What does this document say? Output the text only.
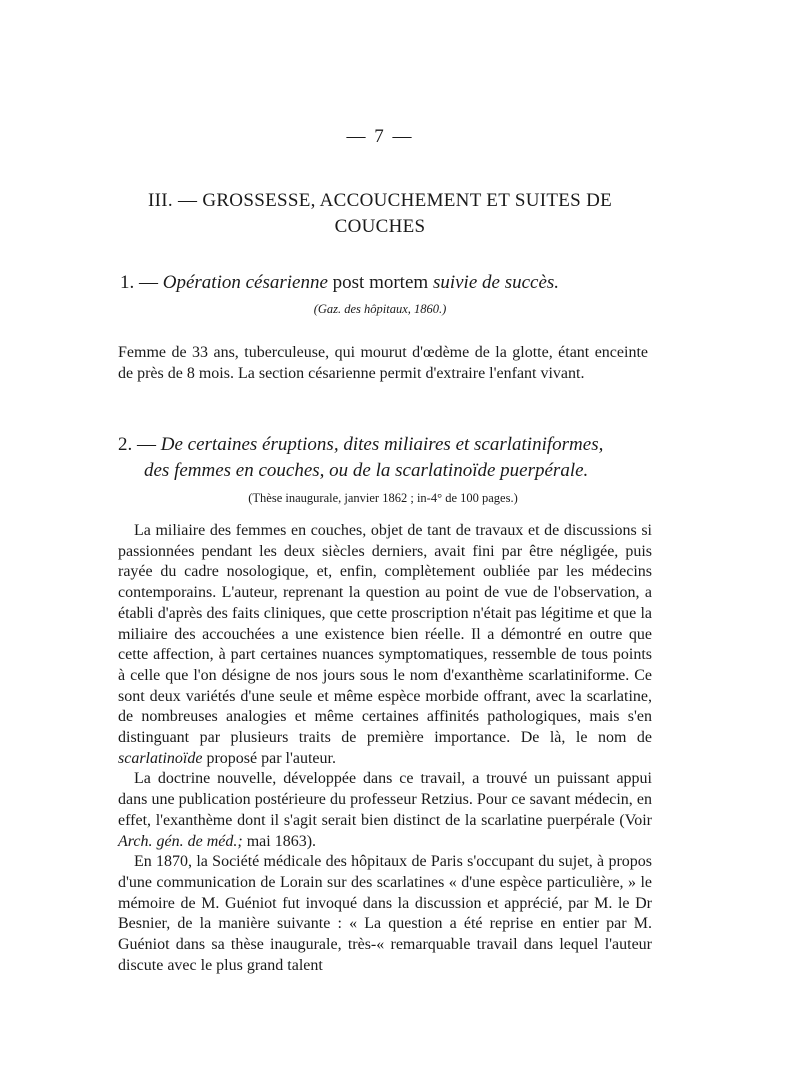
— 7 —
III. — GROSSESSE, ACCOUCHEMENT ET SUITES DE COUCHES
1. — Opération césarienne post mortem suivie de succès.
(Gaz. des hôpitaux, 1860.)
Femme de 33 ans, tuberculeuse, qui mourut d'œdème de la glotte, étant enceinte de près de 8 mois. La section césarienne permit d'extraire l'enfant vivant.
2. — De certaines éruptions, dites miliaires et scarlatiniformes,
des femmes en couches, ou de la scarlatinoïde puerpérale.
(Thèse inaugurale, janvier 1862 ; in-4° de 100 pages.)

La miliaire des femmes en couches, objet de tant de travaux et de discussions si passionnées pendant les deux siècles derniers, avait fini par être négligée, puis rayée du cadre nosologique, et, enfin, complètement oubliée par les médecins contemporains. L'auteur, reprenant la question au point de vue de l'observation, a établi d'après des faits cliniques, que cette proscription n'était pas légitime et que la miliaire des accouchées a une existence bien réelle. Il a démontré en outre que cette affection, à part certaines nuances symptomatiques, ressemble de tous points à celle que l'on désigne de nos jours sous le nom d'exanthème scarlatiniforme. Ce sont deux variétés d'une seule et même espèce morbide offrant, avec la scarlatine, de nombreuses analogies et même certaines affinités pathologiques, mais s'en distinguant par plusieurs traits de première importance. De là, le nom de scarlatinoïde proposé par l'auteur.

La doctrine nouvelle, développée dans ce travail, a trouvé un puissant appui dans une publication postérieure du professeur Retzius. Pour ce savant médecin, en effet, l'exanthème dont il s'agit serait bien distinct de la scarlatine puerpérale (Voir Arch. gén. de méd.; mai 1863).

En 1870, la Société médicale des hôpitaux de Paris s'occupant du sujet, à propos d'une communication de Lorain sur des scarlatines « d'une espèce particulière, » le mémoire de M. Guéniot fut invoqué dans la discussion et apprécié, par M. le Dr Besnier, de la manière suivante : « La question a été reprise en entier par M. Guéniot dans sa thèse inaugurale, très-« remarquable travail dans lequel l'auteur discute avec le plus grand talent
